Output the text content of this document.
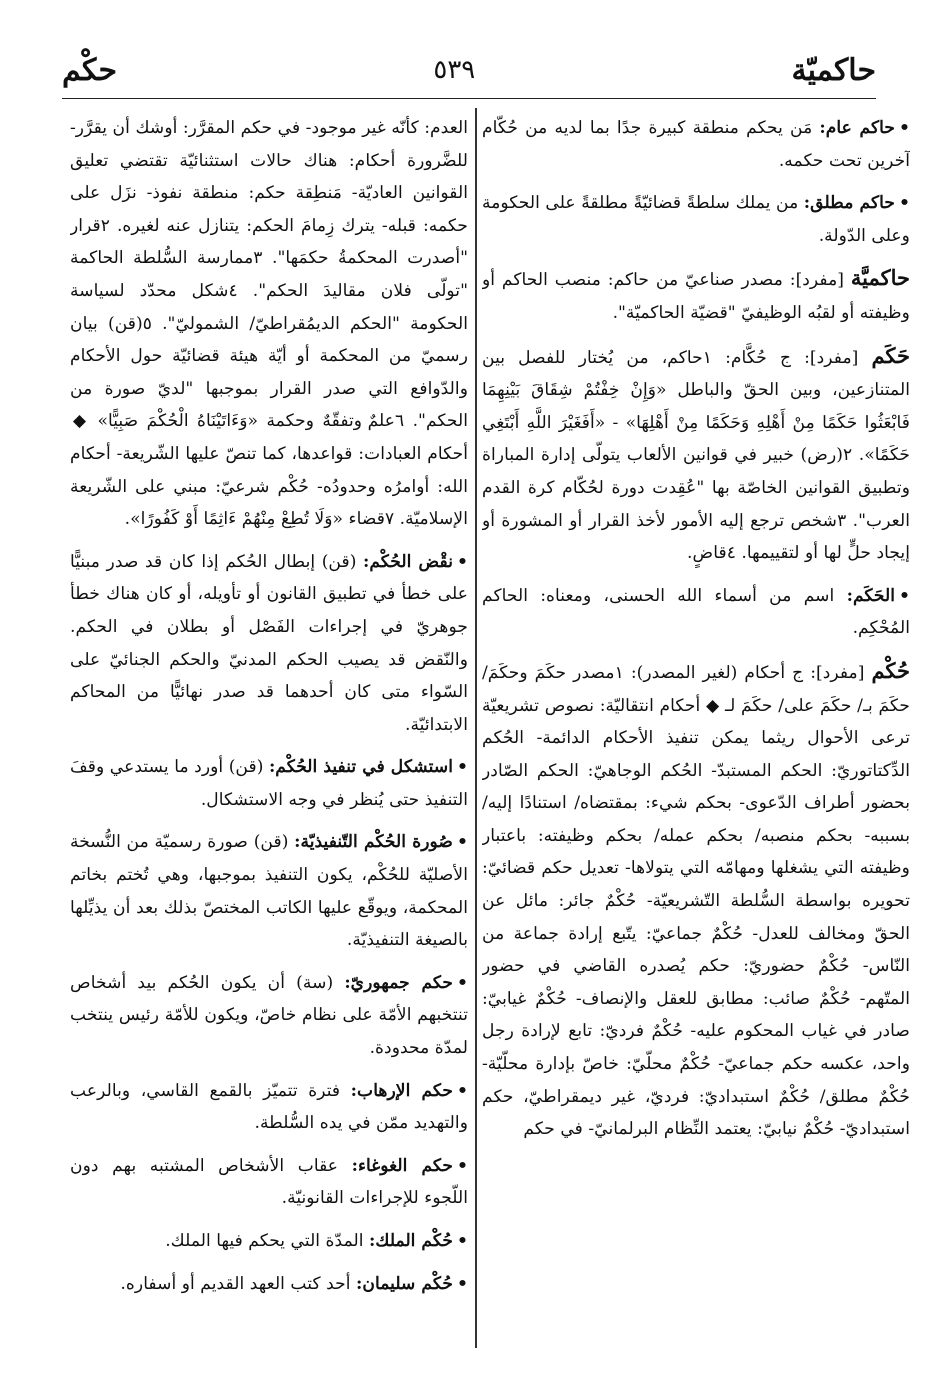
حاكميّة
٥٣٩
حكْم
•حاكم عام: مَن يحكم منطقة كبيرة جدًا بما لديه من حُكّام آخرين تحت حكمه.
•حاكم مطلق: من يملك سلطةً قضائيّةً مطلقةً على الحكومة وعلى الدّولة.
حاكميَّة [مفرد]: مصدر صناعيّ من حاكم: منصب الحاكم أو وظيفته أو لقبُه الوظيفيّ "قضيّة الحاكميّة".
حَكَم [مفرد]: ج حُكَّام: ١حاكم، من يُختار للفصل بين المتنازعين، وبين الحقّ والباطل «وَإِنْ خِفْتُمْ شِقَاقَ بَيْنِهِمَا فَابْعَثُوا حَكَمًا مِنْ أَهْلِهِ وَحَكَمًا مِنْ أَهْلِهَا» - «أَفَغَيْرَ اللَّهِ أَبْتَغِي حَكَمًا». ٢(رض) خبير في قوانين الألعاب يتولّى إدارة المباراة وتطبيق القوانين الخاصّة بها "عُقِدت دورة لحُكّام كرة القدم العرب". ٣شخص ترجع إليه الأمور لأخذ القرار أو المشورة أو إيجاد حلٍّ لها أو لتقييمها. ٤قاضٍ.
•الحَكَم: اسم من أسماء الله الحسنى، ومعناه: الحاكم المُحْكِم.
حُكْم [مفرد]: ج أحكام (لغير المصدر): ١مصدر حكَمَ وحكَمَ/ حكَمَ بـ/ حكَمَ على/ حكَمَ لـ ◆ أحكام انتقاليّة: نصوص تشريعيّة ترعى الأحوال ريثما يمكن تنفيذ الأحكام الدائمة- الحُكم الدِّكتاتوريّ: الحكم المستبدّ- الحُكم الوجاهيّ: الحكم الصّادر بحضور أطراف الدّعوى- بحكم شيء: بمقتضاه/ استنادًا إليه/ بسببه- بحكم منصبه/ بحكم عمله/ بحكم وظيفته: باعتبار وظيفته التي يشغلها ومهامّه التي يتولاها- تعديل حكم قضائيّ: تحويره بواسطة السُّلطة التّشريعيّة- حُكْمٌ جائر: مائل عن الحقّ ومخالف للعدل- حُكْمٌ جماعيّ: يتّبع إرادة جماعة من النّاس- حُكْمٌ حضوريّ: حكم يُصدره القاضي في حضور المتّهم- حُكْمٌ صائب: مطابق للعقل والإنصاف- حُكْمٌ غيابيّ: صادر في غياب المحكوم عليه- حُكْمٌ فرديّ: تابع لإرادة رجل واحد، عكسه حكم جماعيّ- حُكْمٌ محلّيّ: خاصّ بإدارة محلّيّة- حُكْمٌ مطلق/ حُكْمٌ استبداديّ: فرديّ، غير ديمقراطيّ، حكم استبداديّ- حُكْمٌ نيابيّ: يعتمد النِّظام البرلمانيّ- في حكم
العدم: كأنّه غير موجود- في حكم المقرَّر: أوشك أن يقرَّر- للضَّرورة أحكام: هناك حالات استثنائيّة تقتضي تعليق القوانين العاديّة- مَنطِقة حكم: منطقة نفوذ- نزَل على حكمه: قبله- يترك زِمامَ الحكم: يتنازل عنه لغيره. ٢قرار "أصدرت المحكمةُ حكمَها". ٣ممارسة السُّلطة الحاكمة "تولّى فلان مقاليدَ الحكم". ٤شكل محدّد لسياسة الحكومة "الحكم الديمُقراطيّ/ الشموليّ". ٥(قن) بيان رسميّ من المحكمة أو أيّة هيئة قضائيّة حول الأحكام والدّوافع التي صدر القرار بموجبها "لديّ صورة من الحكم". ٦علمٌ وتفقّهٌ وحكمة «وَءَاتَيْنَاهُ الْحُكْمَ صَبِيًّا» ◆ أحكام العبادات: قواعدها، كما تنصّ عليها الشّريعة- أحكام الله: أوامرُه وحدودُه- حُكْم شرعيّ: مبني على الشّريعة الإسلاميّة. ٧قضاء «وَلَا تُطِعْ مِنْهُمْ ءَاثِمًا أَوْ كَفُورًا».
•نقْض الحُكْم: (قن) إبطال الحُكم إذا كان قد صدر مبنيًّا على خطأ في تطبيق القانون أو تأويله، أو كان هناك خطأ جوهريّ في إجراءات الفَصْل أو بطلان في الحكم. والنّقض قد يصيب الحكم المدنيّ والحكم الجنائيّ على السّواء متى كان أحدهما قد صدر نهائيًّا من المحاكم الابتدائيّة.
•استشكل في تنفيذ الحُكْم: (قن) أورد ما يستدعي وقفَ التنفيذ حتى يُنظر في وجه الاستشكال.
•صُورة الحُكْم التّنفيذيّة: (قن) صورة رسميّة من النُّسخة الأصليّة للحُكْم، يكون التنفيذ بموجبها، وهي تُختم بخاتم المحكمة، ويوقّع عليها الكاتب المختصّ بذلك بعد أن يذيِّلها بالصيغة التنفيذيّة.
•حكم جمهوريّ: (سة) أن يكون الحُكم بيد أشخاص تنتخبهم الأمّة على نظام خاصّ، ويكون للأمّة رئيس ينتخب لمدّة محدودة.
•حكم الإرهاب: فترة تتميّز بالقمع القاسي، وبالرعب والتهديد ممّن في يده السُّلطة.
•حكم الغوغاء: عقاب الأشخاص المشتبه بهم دون اللّجوء للإجراءات القانونيّة.
•حُكْم الملك: المدّة التي يحكم فيها الملك.
•حُكْم سليمان: أحد كتب العهد القديم أو أسفاره.
